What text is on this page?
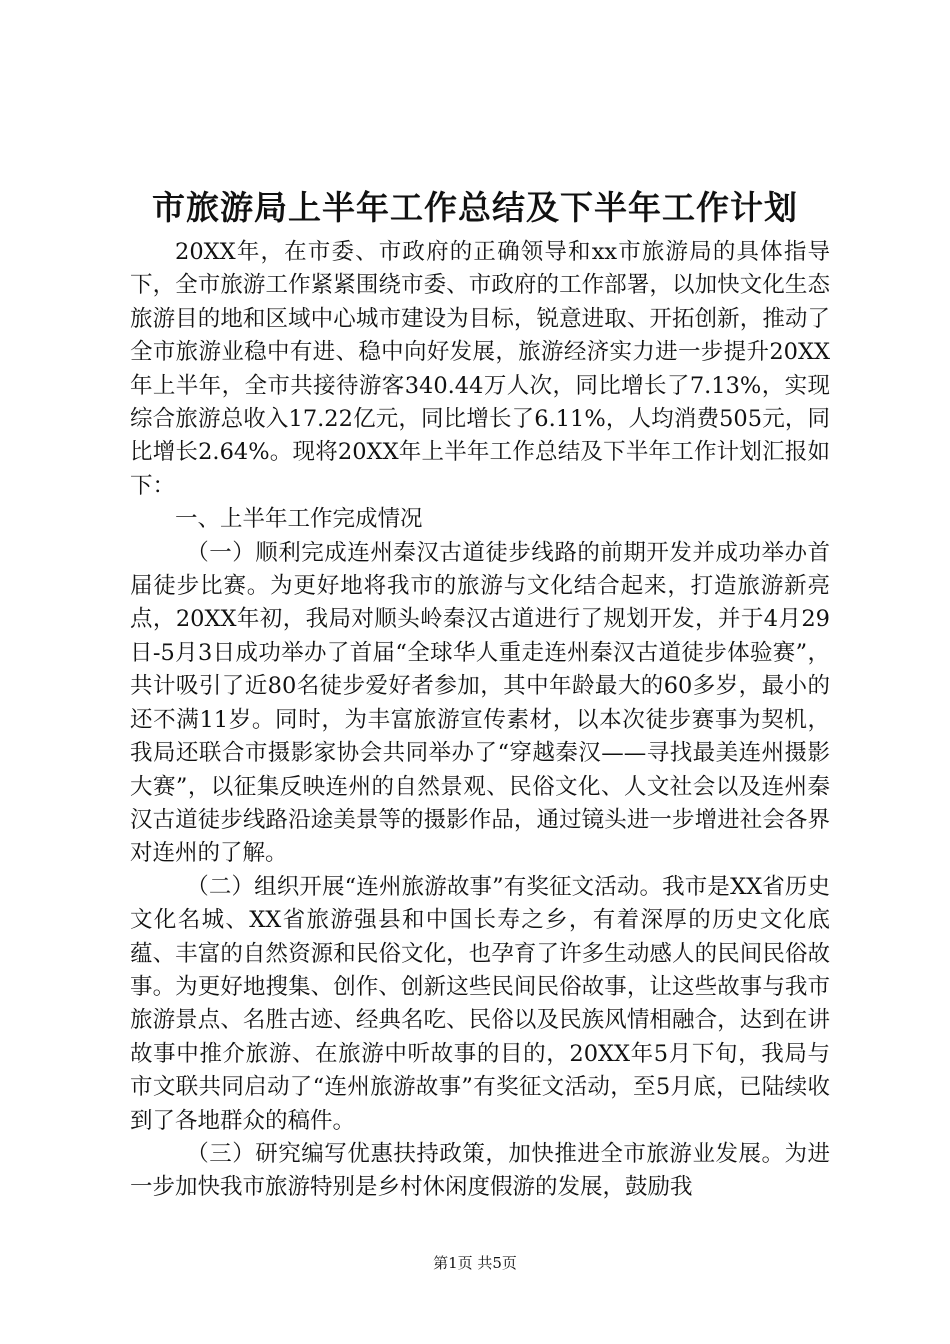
市旅游局上半年工作总结及下半年工作计划

20XX年，在市委、市政府的正确领导和xx市旅游局的具体指导下，全市旅游工作紧紧围绕市委、市政府的工作部署，以加快文化生态旅游目的地和区域中心城市建设为目标，锐意进取、开拓创新，推动了全市旅游业稳中有进、稳中向好发展，旅游经济实力进一步提升20XX年上半年，全市共接待游客340.44万人次，同比增长了7.13%，实现综合旅游总收入17.22亿元，同比增长了6.11%，人均消费505元，同比增长2.64%。现将20XX年上半年工作总结及下半年工作计划汇报如下：

一、上半年工作完成情况

（一）顺利完成连州秦汉古道徒步线路的前期开发并成功举办首届徒步比赛。为更好地将我市的旅游与文化结合起来，打造旅游新亮点，20XX年初，我局对顺头岭秦汉古道进行了规划开发，并于4月29日-5月3日成功举办了首届“全球华人重走连州秦汉古道徒步体验赛”，共计吸引了近80名徒步爱好者参加，其中年龄最大的60多岁，最小的还不满11岁。同时，为丰富旅游宣传素材，以本次徒步赛事为契机，我局还联合市摄影家协会共同举办了“穿越秦汉——寻找最美连州摄影大赛”，以征集反映连州的自然景观、民俗文化、人文社会以及连州秦汉古道徒步线路沿途美景等的摄影作品，通过镜头进一步增进社会各界对连州的了解。

（二）组织开展“连州旅游故事”有奖征文活动。我市是XX省历史文化名城、XX省旅游强县和中国长寿之乡，有着深厚的历史文化底蕴、丰富的自然资源和民俗文化，也孕育了许多生动感人的民间民俗故事。为更好地搜集、创作、创新这些民间民俗故事，让这些故事与我市旅游景点、名胜古迹、经典名吃、民俗以及民族风情相融合，达到在讲故事中推介旅游、在旅游中听故事的目的，20XX年5月下旬，我局与市文联共同启动了“连州旅游故事”有奖征文活动，至5月底，已陆续收到了各地群众的稿件。

（三）研究编写优惠扶持政策，加快推进全市旅游业发展。为进一步加快我市旅游特别是乡村休闲度假游的发展，鼓励我

第1页 共5页
